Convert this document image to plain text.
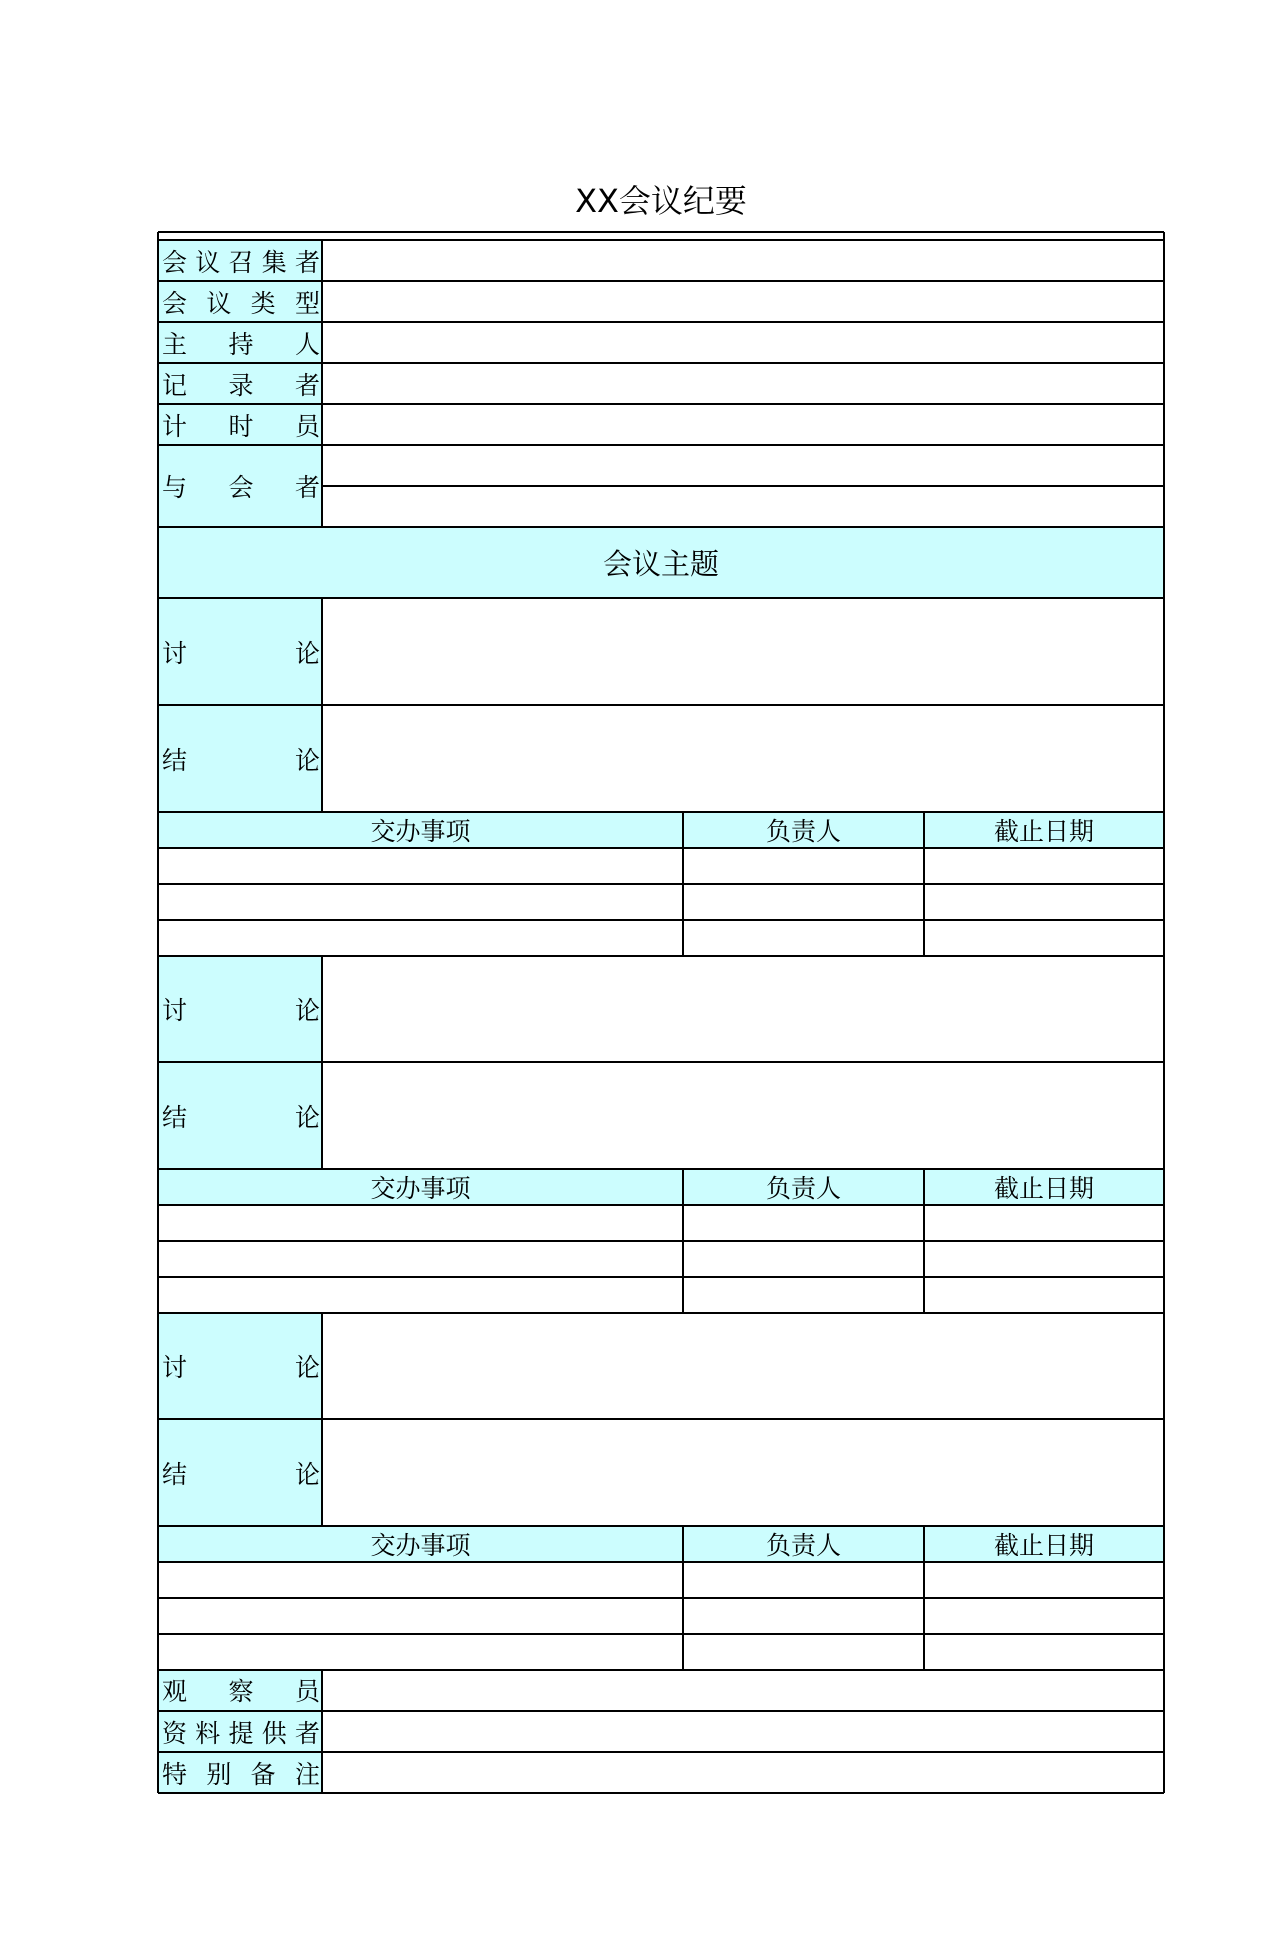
XX会议纪要
会 议 召 集 者
会 议 类 型
主 持 人
记 录 者
计 时 员
与 会 者
会议主题
讨	论
结	论
交办事项	负责人	截止日期
讨	论
结	论
交办事项	负责人	截止日期
讨	论
结	论
交办事项	负责人	截止日期
观 察 员
资 料 提 供 者
特 别 备 注
